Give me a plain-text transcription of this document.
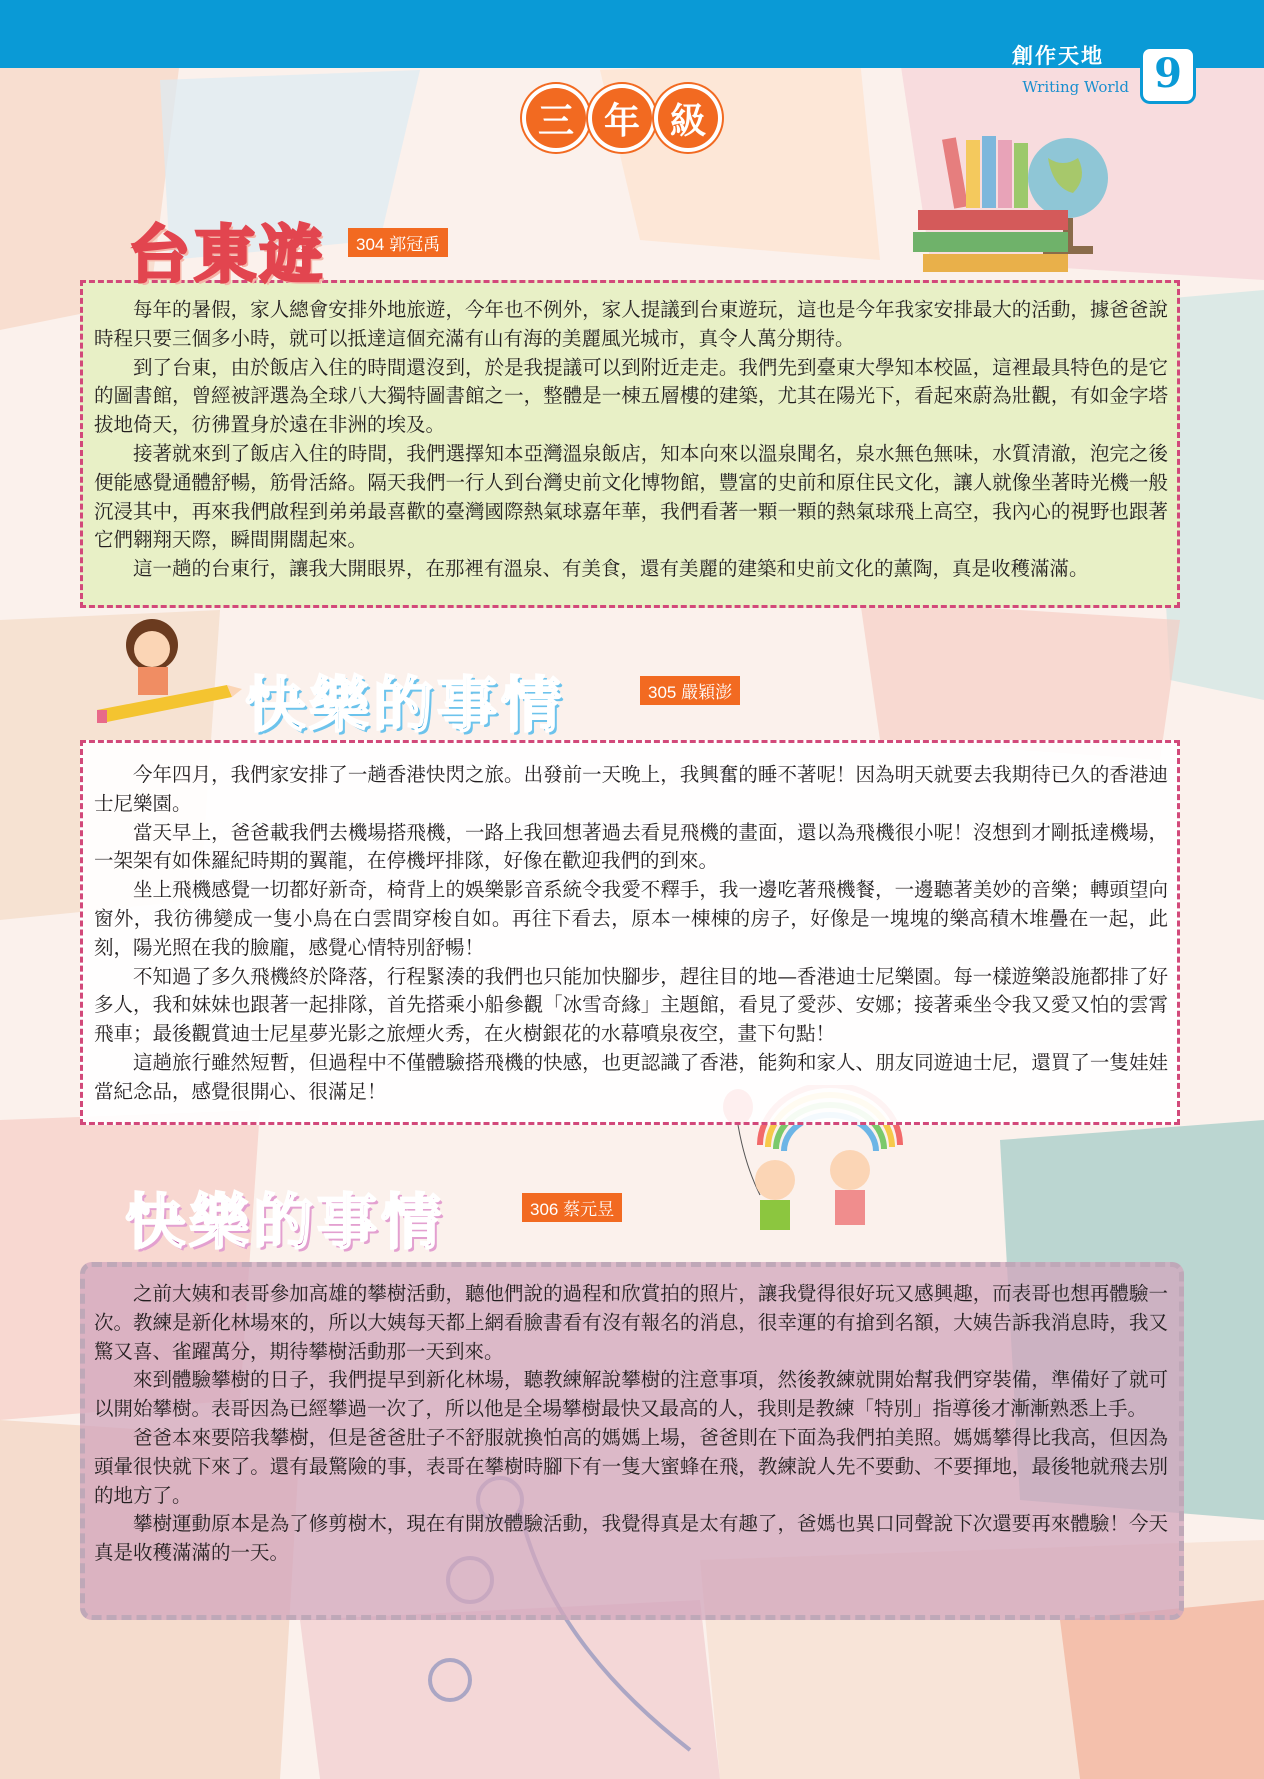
創作天地
Writing World 9
三 年 級
台東遊	304 郭冠禹

每年的暑假，家人總會安排外地旅遊，今年也不例外，家人提議到台東遊玩，這也是今年我家安排最大的活動，據爸爸說時程只要三個多小時，就可以抵達這個充滿有山有海的美麗風光城市，真令人萬分期待。

到了台東，由於飯店入住的時間還沒到，於是我提議可以到附近走走。我們先到臺東大學知本校區，這裡最具特色的是它的圖書館，曾經被評選為全球八大獨特圖書館之一，整體是一棟五層樓的建築，尤其在陽光下，看起來蔚為壯觀，有如金字塔拔地倚天，彷彿置身於遠在非洲的埃及。

接著就來到了飯店入住的時間，我們選擇知本亞灣溫泉飯店，知本向來以溫泉聞名，泉水無色無味，水質清澈，泡完之後便能感覺通體舒暢，筋骨活絡。隔天我們一行人到台灣史前文化博物館，豐富的史前和原住民文化，讓人就像坐著時光機一般沉浸其中，再來我們啟程到弟弟最喜歡的臺灣國際熱氣球嘉年華，我們看著一顆一顆的熱氣球飛上高空，我內心的視野也跟著它們翱翔天際，瞬間開闊起來。

這一趟的台東行，讓我大開眼界，在那裡有溫泉、有美食，還有美麗的建築和史前文化的薰陶，真是收穫滿滿。

快樂的事情	305 嚴穎澎

今年四月，我們家安排了一趟香港快閃之旅。出發前一天晚上，我興奮的睡不著呢！因為明天就要去我期待已久的香港迪士尼樂園。

當天早上，爸爸載我們去機場搭飛機，一路上我回想著過去看見飛機的畫面，還以為飛機很小呢！沒想到才剛抵達機場，一架架有如侏羅紀時期的翼龍，在停機坪排隊，好像在歡迎我們的到來。

坐上飛機感覺一切都好新奇，椅背上的娛樂影音系統令我愛不釋手，我一邊吃著飛機餐，一邊聽著美妙的音樂；轉頭望向窗外，我彷彿變成一隻小鳥在白雲間穿梭自如。再往下看去，原本一棟棟的房子，好像是一塊塊的樂高積木堆疊在一起，此刻，陽光照在我的臉龐，感覺心情特別舒暢！

不知過了多久飛機終於降落，行程緊湊的我們也只能加快腳步，趕往目的地—香港迪士尼樂園。每一樣遊樂設施都排了好多人，我和妹妹也跟著一起排隊，首先搭乘小船參觀「冰雪奇緣」主題館，看見了愛莎、安娜；接著乘坐令我又愛又怕的雲霄飛車；最後觀賞迪士尼星夢光影之旅煙火秀，在火樹銀花的水幕噴泉夜空，畫下句點！

這趟旅行雖然短暫，但過程中不僅體驗搭飛機的快感，也更認識了香港，能夠和家人、朋友同遊迪士尼，還買了一隻娃娃當紀念品，感覺很開心、很滿足！

快樂的事情	306 蔡元昱

之前大姨和表哥參加高雄的攀樹活動，聽他們說的過程和欣賞拍的照片，讓我覺得很好玩又感興趣，而表哥也想再體驗一次。教練是新化林場來的，所以大姨每天都上網看臉書看有沒有報名的消息，很幸運的有搶到名額，大姨告訴我消息時，我又驚又喜、雀躍萬分，期待攀樹活動那一天到來。

來到體驗攀樹的日子，我們提早到新化林場，聽教練解說攀樹的注意事項，然後教練就開始幫我們穿裝備，準備好了就可以開始攀樹。表哥因為已經攀過一次了，所以他是全場攀樹最快又最高的人，我則是教練「特別」指導後才漸漸熟悉上手。

爸爸本來要陪我攀樹，但是爸爸肚子不舒服就換怕高的媽媽上場，爸爸則在下面為我們拍美照。媽媽攀得比我高，但因為頭暈很快就下來了。還有最驚險的事，表哥在攀樹時腳下有一隻大蜜蜂在飛，教練說人先不要動、不要揮地，最後牠就飛去別的地方了。

攀樹運動原本是為了修剪樹木，現在有開放體驗活動，我覺得真是太有趣了，爸媽也異口同聲說下次還要再來體驗！今天真是收穫滿滿的一天。
